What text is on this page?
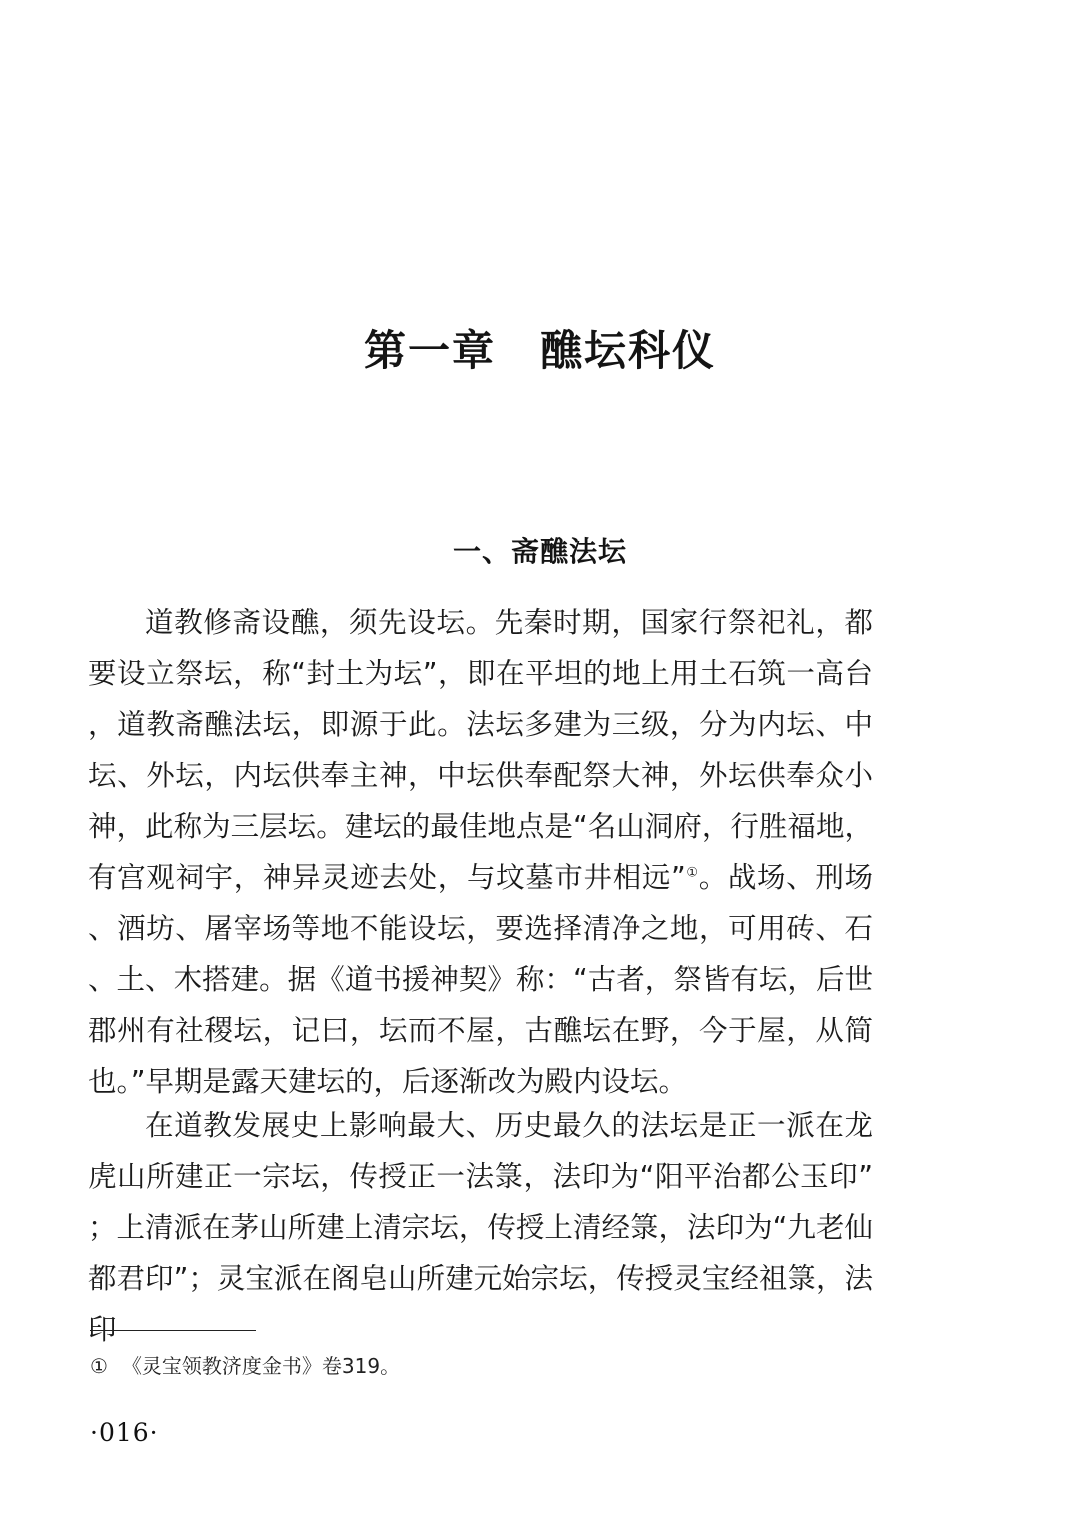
第一章 醮坛科仪
一、斋醮法坛

道教修斋设醮，须先设坛。先秦时期，国家行祭祀礼，都要设立祭坛，称“封土为坛”，即在平坦的地上用土石筑一高台，道教斋醮法坛，即源于此。法坛多建为三级，分为内坛、中坛、外坛，内坛供奉主神，中坛供奉配祭大神，外坛供奉众小神，此称为三层坛。建坛的最佳地点是“名山洞府，行胜福地，有宫观祠宇，神异灵迹去处，与坟墓市井相远”①。战场、刑场、酒坊、屠宰场等地不能设坛，要选择清净之地，可用砖、石、土、木搭建。据《道书援神契》称：“古者，祭皆有坛，后世郡州有社稷坛，记曰，坛而不屋，古醮坛在野，今于屋，从简也。”早期是露天建坛的，后逐渐改为殿内设坛。

在道教发展史上影响最大、历史最久的法坛是正一派在龙虎山所建正一宗坛，传授正一法箓，法印为“阳平治都公玉印”；上清派在茅山所建上清宗坛，传授上清经箓，法印为“九老仙都君印”；灵宝派在阁皂山所建元始宗坛，传授灵宝经祖箓，法印

① 《灵宝领教济度金书》卷319。
·016·
